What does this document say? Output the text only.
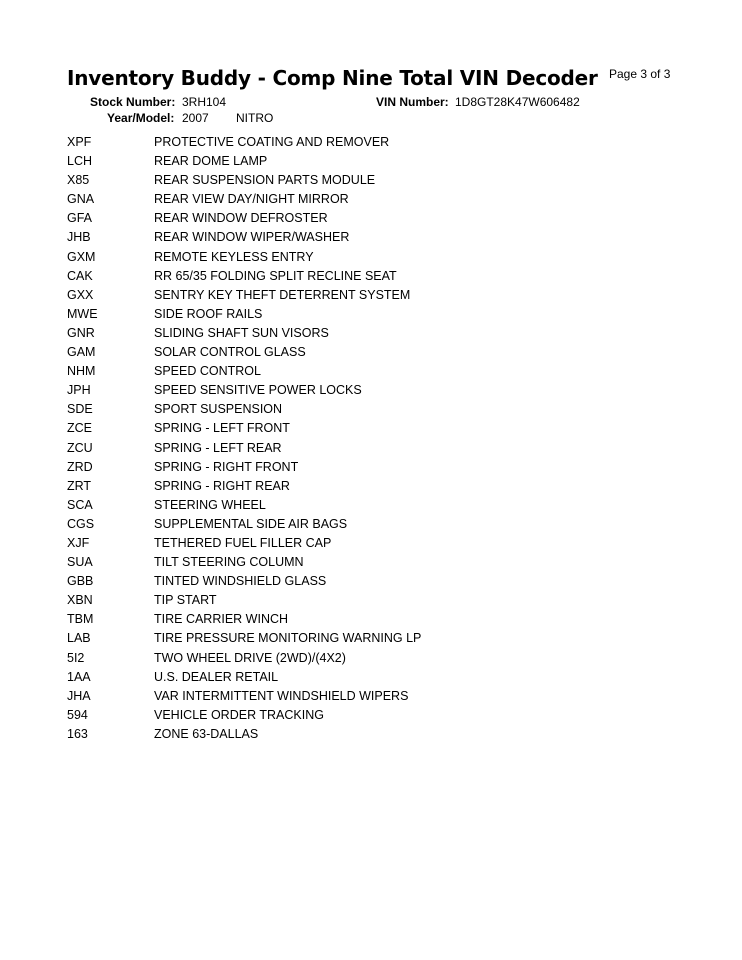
Inventory Buddy - Comp Nine Total VIN Decoder Page 3 of 3
Stock Number: 3RH104	VIN Number: 1D8GT28K47W606482
Year/Model: 2007 NITRO
XPF	PROTECTIVE COATING AND REMOVER
LCH	REAR DOME LAMP
X85	REAR SUSPENSION PARTS MODULE
GNA	REAR VIEW DAY/NIGHT MIRROR
GFA	REAR WINDOW DEFROSTER
JHB	REAR WINDOW WIPER/WASHER
GXM	REMOTE KEYLESS ENTRY
CAK	RR 65/35 FOLDING SPLIT RECLINE SEAT
GXX	SENTRY KEY THEFT DETERRENT SYSTEM
MWE	SIDE ROOF RAILS
GNR	SLIDING SHAFT SUN VISORS
GAM	SOLAR CONTROL GLASS
NHM	SPEED CONTROL
JPH	SPEED SENSITIVE POWER LOCKS
SDE	SPORT SUSPENSION
ZCE	SPRING - LEFT FRONT
ZCU	SPRING - LEFT REAR
ZRD	SPRING - RIGHT FRONT
ZRT	SPRING - RIGHT REAR
SCA	STEERING WHEEL
CGS	SUPPLEMENTAL SIDE AIR BAGS
XJF	TETHERED FUEL FILLER CAP
SUA	TILT STEERING COLUMN
GBB	TINTED WINDSHIELD GLASS
XBN	TIP START
TBM	TIRE CARRIER WINCH
LAB	TIRE PRESSURE MONITORING WARNING LP
5I2	TWO WHEEL DRIVE (2WD)/(4X2)
1AA	U.S. DEALER RETAIL
JHA	VAR INTERMITTENT WINDSHIELD WIPERS
594	VEHICLE ORDER TRACKING
163	ZONE 63-DALLAS
